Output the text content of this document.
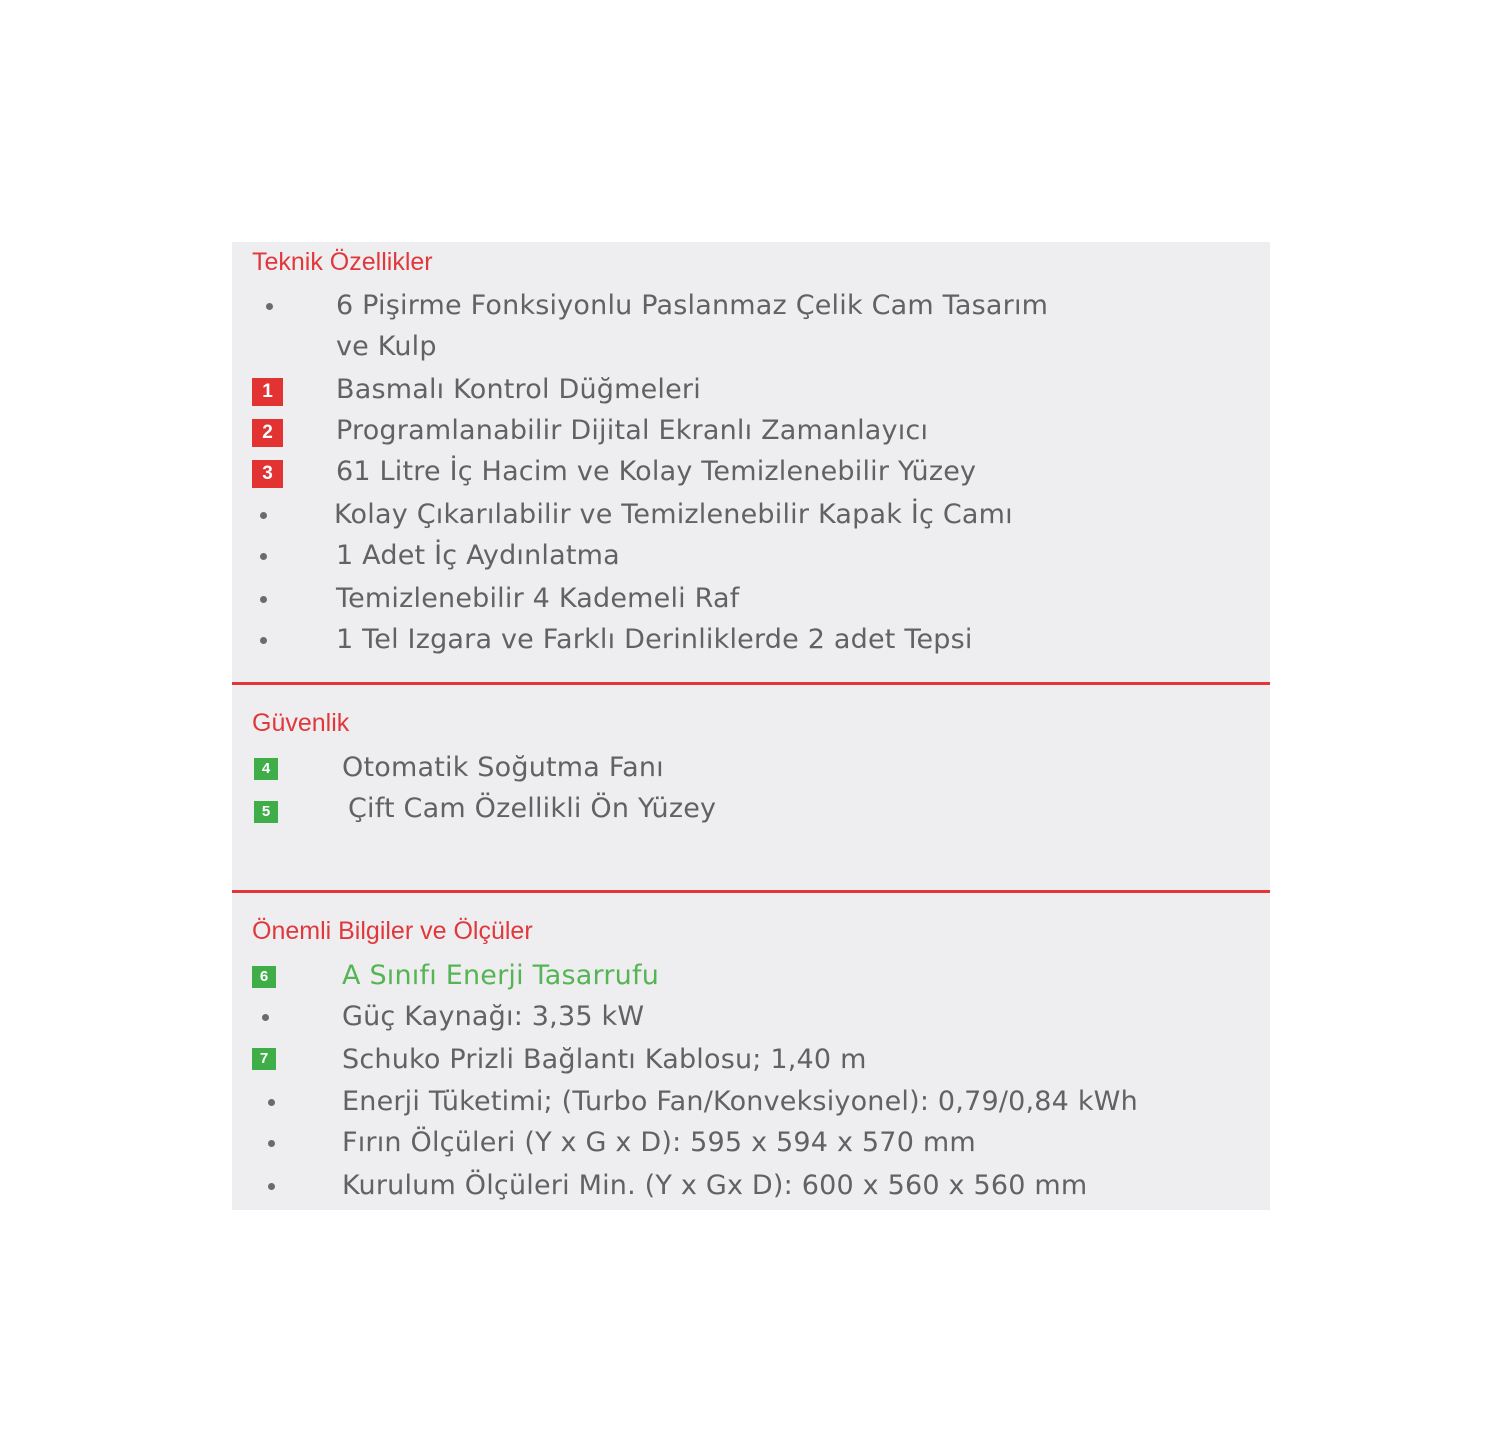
Teknik Özellikler
6 Pişirme Fonksiyonlu Paslanmaz Çelik Cam Tasarım
ve Kulp
1	Basmalı Kontrol Düğmeleri
2	Programlanabilir Dijital Ekranlı Zamanlayıcı
3	61 Litre İç Hacim ve Kolay Temizlenebilir Yüzey
Kolay Çıkarılabilir ve Temizlenebilir Kapak İç Camı
1 Adet İç Aydınlatma
Temizlenebilir 4 Kademeli Raf
1 Tel Izgara ve Farklı Derinliklerde 2 adet Tepsi
Güvenlik
4	Otomatik Soğutma Fanı
5	Çift Cam Özellikli Ön Yüzey
Önemli Bilgiler ve Ölçüler
6	A Sınıfı Enerji Tasarrufu
Güç Kaynağı: 3,35 kW
7	Schuko Prizli Bağlantı Kablosu; 1,40 m
Enerji Tüketimi; (Turbo Fan/Konveksiyonel): 0,79/0,84 kWh
Fırın Ölçüleri (Y x G x D): 595 x 594 x 570 mm
Kurulum Ölçüleri Min. (Y x Gx D): 600 x 560 x 560 mm
